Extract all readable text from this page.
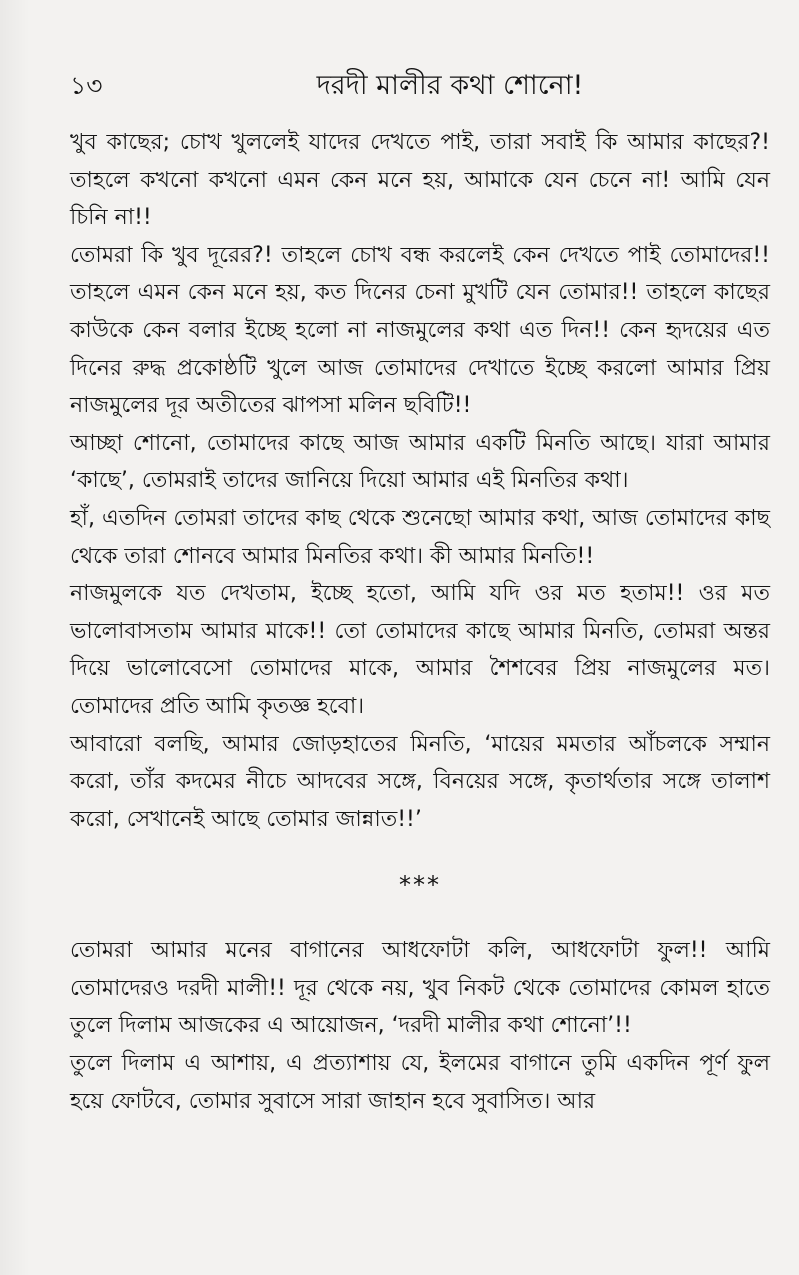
১৩	দরদী মালীর কথা শোনো!

খুব কাছের; চোখ খুললেই যাদের দেখতে পাই, তারা সবাই কি আমার কাছের?! তাহলে কখনো কখনো এমন কেন মনে হয়, আমাকে যেন চেনে না! আমি যেন চিনি না!!

তোমরা কি খুব দূরের?! তাহলে চোখ বন্ধ করলেই কেন দেখতে পাই তোমাদের!! তাহলে এমন কেন মনে হয়, কত দিনের চেনা মুখটি যেন তোমার!! তাহলে কাছের কাউকে কেন বলার ইচ্ছে হলো না নাজমুলের কথা এত দিন!! কেন হৃদয়ের এত দিনের রুদ্ধ প্রকোষ্ঠটি খুলে আজ তোমাদের দেখাতে ইচ্ছে করলো আমার প্রিয় নাজমুলের দূর অতীতের ঝাপসা মলিন ছবিটি!!

আচ্ছা শোনো, তোমাদের কাছে আজ আমার একটি মিনতি আছে। যারা আমার ‘কাছে’, তোমরাই তাদের জানিয়ে দিয়ো আমার এই মিনতির কথা।

হাঁ, এতদিন তোমরা তাদের কাছ থেকে শুনেছো আমার কথা, আজ তোমাদের কাছ থেকে তারা শোনবে আমার মিনতির কথা। কী আমার মিনতি!!

নাজমুলকে যত দেখতাম, ইচ্ছে হতো, আমি যদি ওর মত হতাম!! ওর মত ভালোবাসতাম আমার মাকে!! তো তোমাদের কাছে আমার মিনতি, তোমরা অন্তর দিয়ে ভালোবেসো তোমাদের মাকে, আমার শৈশবের প্রিয় নাজমুলের মত। তোমাদের প্রতি আমি কৃতজ্ঞ হবো।

আবারো বলছি, আমার জোড়হাতের মিনতি, ‘মায়ের মমতার আঁচলকে সম্মান করো, তাঁর কদমের নীচে আদবের সঙ্গে, বিনয়ের সঙ্গে, কৃতার্থতার সঙ্গে তালাশ করো, সেখানেই আছে তোমার জান্নাত!!’

***

তোমরা আমার মনের বাগানের আধফোটা কলি, আধফোটা ফুল!! আমি তোমাদেরও দরদী মালী!! দূর থেকে নয়, খুব নিকট থেকে তোমাদের কোমল হাতে তুলে দিলাম আজকের এ আয়োজন, ‘দরদী মালীর কথা শোনো’!!

তুলে দিলাম এ আশায়, এ প্রত্যাশায় যে, ইলমের বাগানে তুমি একদিন পূর্ণ ফুল হয়ে ফোটবে, তোমার সুবাসে সারা জাহান হবে সুবাসিত। আর
